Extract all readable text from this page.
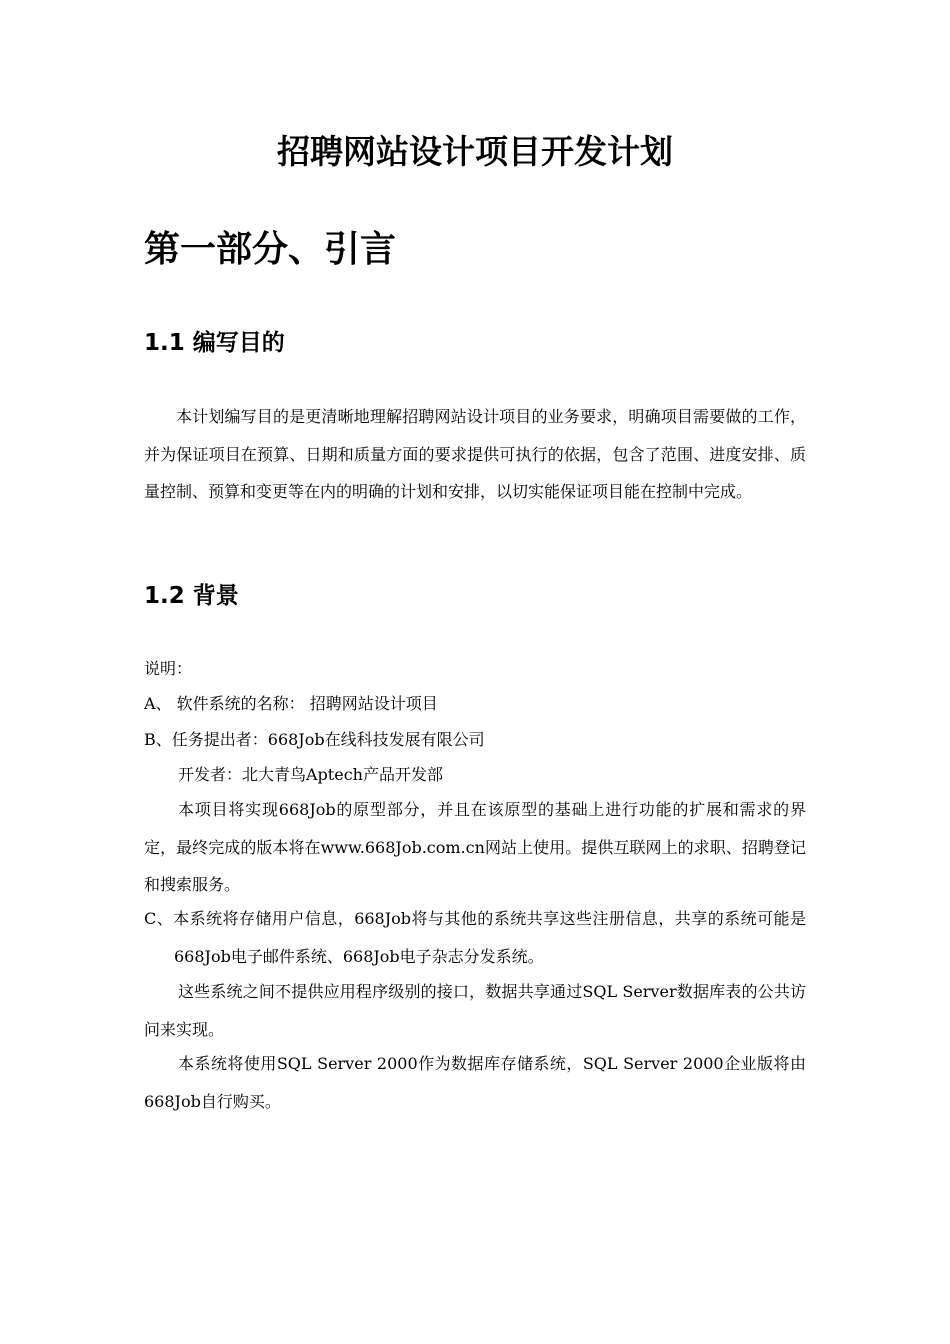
招聘网站设计项目开发计划
第一部分、引言
1.1 编写目的
本计划编写目的是更清晰地理解招聘网站设计项目的业务要求，明确项目需要做的工作，并为保证项目在预算、日期和质量方面的要求提供可执行的依据，包含了范围、进度安排、质量控制、预算和变更等在内的明确的计划和安排，以切实能保证项目能在控制中完成。
1.2 背景
说明：
A、 软件系统的名称： 招聘网站设计项目
B、任务提出者：668Job在线科技发展有限公司
开发者：北大青鸟Aptech产品开发部
本项目将实现668Job的原型部分，并且在该原型的基础上进行功能的扩展和需求的界定，最终完成的版本将在www.668Job.com.cn网站上使用。提供互联网上的求职、招聘登记和搜索服务。
C、本系统将存储用户信息，668Job将与其他的系统共享这些注册信息，共享的系统可能是668Job电子邮件系统、668Job电子杂志分发系统。
这些系统之间不提供应用程序级别的接口，数据共享通过SQL Server数据库表的公共访问来实现。
本系统将使用SQL Server 2000作为数据库存储系统，SQL Server 2000企业版将由668Job自行购买。
